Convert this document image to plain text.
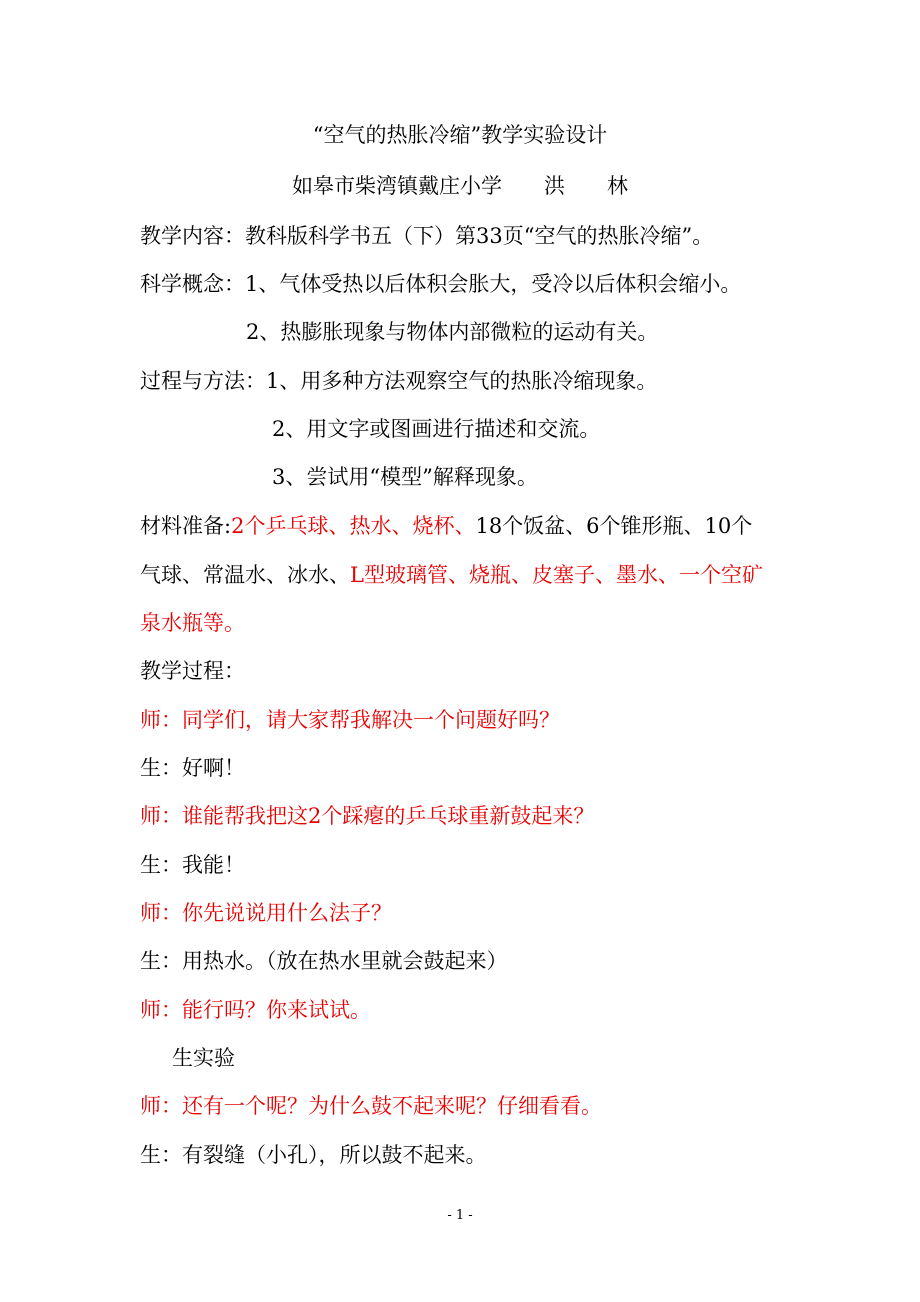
“空气的热胀冷缩”教学实验设计
如皋市柴湾镇戴庄小学　　洪　　林
教学内容：教科版科学书五（下）第33页“空气的热胀冷缩”。
科学概念：1、气体受热以后体积会胀大，受冷以后体积会缩小。
2、热膨胀现象与物体内部微粒的运动有关。
过程与方法：1、用多种方法观察空气的热胀冷缩现象。
2、用文字或图画进行描述和交流。
3、尝试用“模型”解释现象。
材料准备:2个乒乓球、热水、烧杯、18个饭盆、6个锥形瓶、10个
气球、常温水、冰水、L型玻璃管、烧瓶、皮塞子、墨水、一个空矿
泉水瓶等。
教学过程：
师：同学们，请大家帮我解决一个问题好吗？
生：好啊！
师：谁能帮我把这2个踩瘪的乒乓球重新鼓起来？
生：我能！
师：你先说说用什么法子？
生：用热水。（放在热水里就会鼓起来）
师：能行吗？你来试试。
生实验
师：还有一个呢？为什么鼓不起来呢？仔细看看。
生：有裂缝（小孔），所以鼓不起来。
- 1 -
